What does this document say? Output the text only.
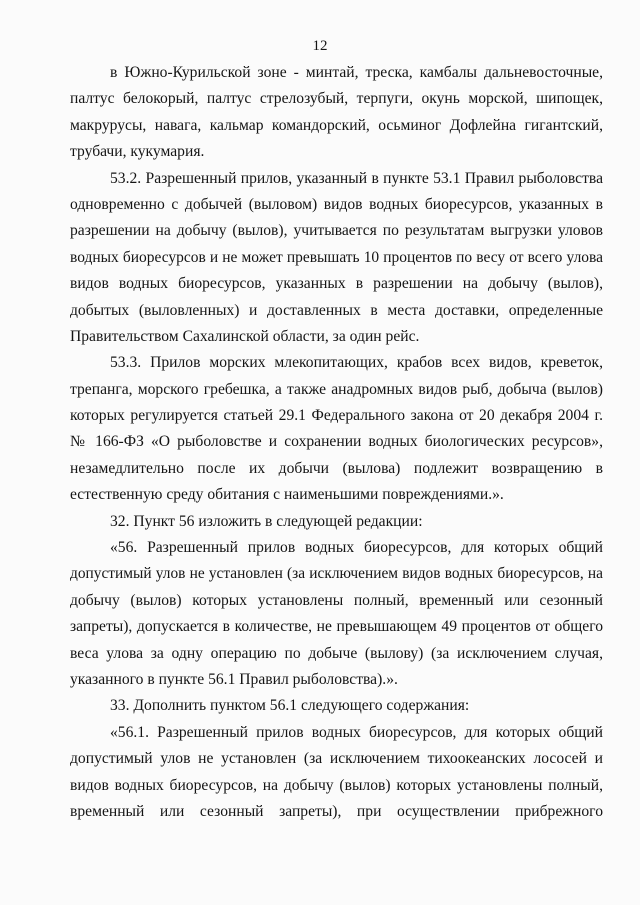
12
в Южно-Курильской зоне - минтай, треска, камбалы дальневосточные,
палтус белокорый, палтус стрелозубый, терпуги, окунь морской, шипощек,
макрурусы, навага, кальмар командорский, осьминог Дофлейна гигантский,
трубачи, кукумария.
53.2. Разрешенный прилов, указанный в пункте 53.1 Правил рыболовства
одновременно с добычей (выловом) видов водных биоресурсов, указанных в
разрешении на добычу (вылов), учитывается по результатам выгрузки уловов
водных биоресурсов и не может превышать 10 процентов по весу от всего улова
видов водных биоресурсов, указанных в разрешении на добычу (вылов),
добытых (выловленных) и доставленных в места доставки, определенные
Правительством Сахалинской области, за один рейс.
53.3. Прилов морских млекопитающих, крабов всех видов, креветок,
трепанга, морского гребешка, а также анадромных видов рыб, добыча (вылов)
которых регулируется статьей 29.1 Федерального закона от 20 декабря 2004 г.
№ 166-ФЗ «О рыболовстве и сохранении водных биологических ресурсов»,
незамедлительно после их добычи (вылова) подлежит возвращению в
естественную среду обитания с наименьшими повреждениями.».
32. Пункт 56 изложить в следующей редакции:
«56. Разрешенный прилов водных биоресурсов, для которых общий
допустимый улов не установлен (за исключением видов водных биоресурсов, на
добычу (вылов) которых установлены полный, временный или сезонный
запреты), допускается в количестве, не превышающем 49 процентов от общего
веса улова за одну операцию по добыче (вылову) (за исключением случая,
указанного в пункте 56.1 Правил рыболовства).».
33. Дополнить пунктом 56.1 следующего содержания:
«56.1. Разрешенный прилов водных биоресурсов, для которых общий
допустимый улов не установлен (за исключением тихоокеанских лососей и
видов водных биоресурсов, на добычу (вылов) которых установлены полный,
временный или сезонный запреты), при осуществлении прибрежного
